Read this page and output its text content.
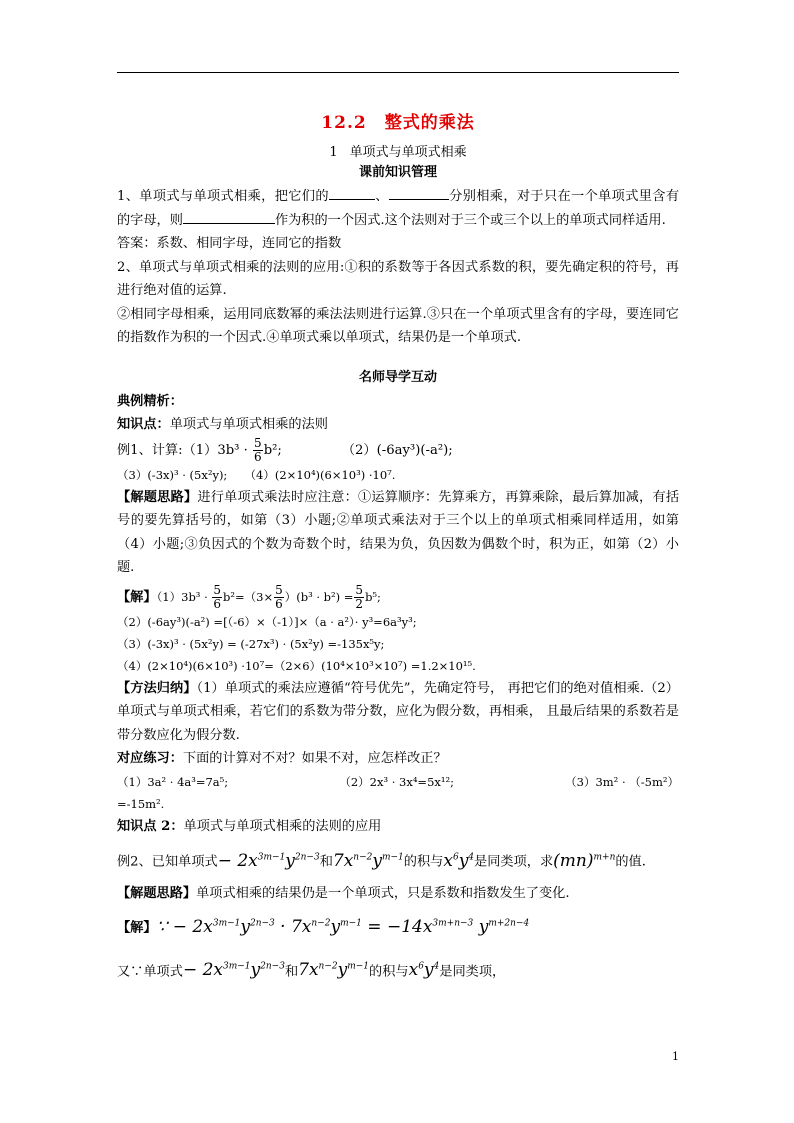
12.2 整式的乘法
1 单项式与单项式相乘
课前知识管理

1、单项式与单项式相乘，把它们的	、	分别相乘，对于只在一个单项式里含有的字母，则	作为积的一个因式.这个法则对于三个或三个以上的单项式同样适用.

答案：系数、相同字母，连同它的指数

2、单项式与单项式相乘的法则的应用:①积的系数等于各因式系数的积，要先确定积的符号，再进行绝对值的运算.

②相同字母相乘，运用同底数幂的乘法法则进行运算.③只在一个单项式里含有的字母，要连同它的指数作为积的一个因式.④单项式乘以单项式，结果仍是一个单项式.

名师导学互动

典例精析：

知识点：单项式与单项式相乘的法则

例1、计算:（1）3b³ · $\frac{5}{6} b^2$;	（2）(-6ay³)(-a²);

（3）(-3x)³ · (5x²y);　　（4）(2×10⁴)(6×10³) ·10⁷.

【解题思路】进行单项式乘法时应注意：①运算顺序：先算乘方，再算乘除，最后算加减，有括号的要先算括号的，如第（3）小题;②单项式乘法对于三个以上的单项式相乘同样适用，如第（4）小题;③负因式的个数为奇数个时，结果为负，负因数为偶数个时，积为正，如第（2）小题.

【解】$(1)3b^3 \cdot \frac{5}{6} b^2=(3\times \frac{5}{6} )(b^3 \cdot b^2) = \frac{5}{2} b^5$;

（2）(-6ay³)(-a²) =[（-6）×（-1）]×（a · a²）· y³=6a³y³;

（3）(-3x)³ · (5x²y) = (-27x³) · (5x²y) =-135x⁵y;

（4）(2×10⁴)(6×10³) ·10⁷=（2×6）(10⁴×10³×10⁷) =1.2×10¹⁵.

【方法归纳】（1）单项式的乘法应遵循“符号优先”，先确定符号， 再把它们的绝对值相乘.（2）单项式与单项式相乘，若它们的系数为带分数，应化为假分数，再相乘， 且最后结果的系数若是带分数应化为假分数.

对应练习：下面的计算对不对？如果不对，应怎样改正？

（1）3a² · 4a³=7a⁵;	（2）2x³ · 3x⁴=5x¹²;	（3）3m² · （-5m²）

=-15m².

知识点 2：单项式与单项式相乘的法则的应用

例2、已知单项式− $2x^{3m-1}y^{2n-3}$和$7x^{n-2}y^{m-1}$的积与$x^6y^4$是同类项，求(mn)$^{m+n}$的值.

【解题思路】单项式相乘的结果仍是一个单项式，只是系数和指数发生了变化.

【解】∵ − $2x^{3m-1}y^{2n-3} \cdot 7x^{n-2}y^{m-1} = -14x^{3m+n-3}$ $y^{m+2n-4}$

又∵单项式− $2x^{3m-1}y^{2n-3}$和$7x^{n-2}y^{m-1}$的积与$x^6y^4$是同类项，

1
